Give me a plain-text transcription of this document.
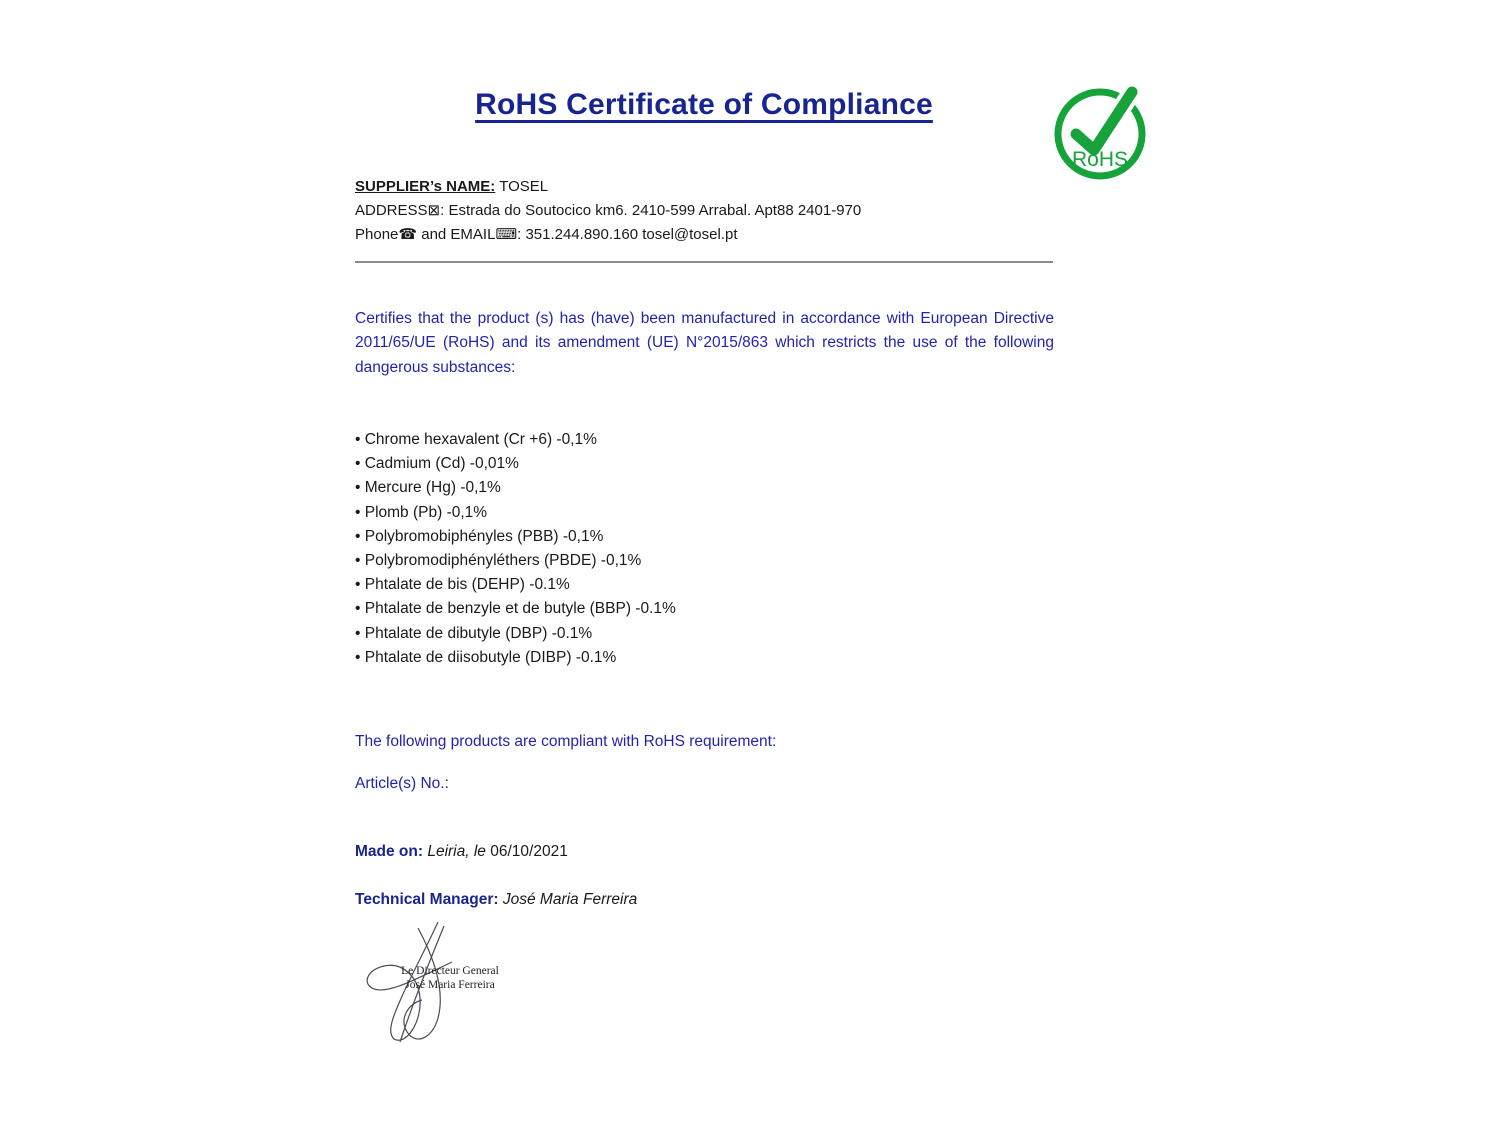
RoHS Certificate of Compliance
RoHS
SUPPLIER’s NAME: TOSEL
ADDRESS⊠: Estrada do Soutocico km6. 2410-599 Arrabal. Apt88 2401-970
Phone☎ and EMAIL⌨: 351.244.890.160 tosel@tosel.pt

Certifies that the product (s) has (have) been manufactured in accordance with European Directive 2011/65/UE (RoHS) and its amendment (UE) N°2015/863 which restricts the use of the following dangerous substances:

• Chrome hexavalent (Cr +6) -0,1%
• Cadmium (Cd) -0,01%
• Mercure (Hg) -0,1%
• Plomb (Pb) -0,1%
• Polybromobiphényles (PBB) -0,1%
• Polybromodiphényléthers (PBDE) -0,1%
• Phtalate de bis (DEHP) -0.1%
• Phtalate de benzyle et de butyle (BBP) -0.1%
• Phtalate de dibutyle (DBP) -0.1%
• Phtalate de diisobutyle (DIBP) -0.1%

The following products are compliant with RoHS requirement:

Article(s) No.:

Made on: Leiria, le 06/10/2021

Technical Manager: José Maria Ferreira

Le Directeur General
José Maria Ferreira
